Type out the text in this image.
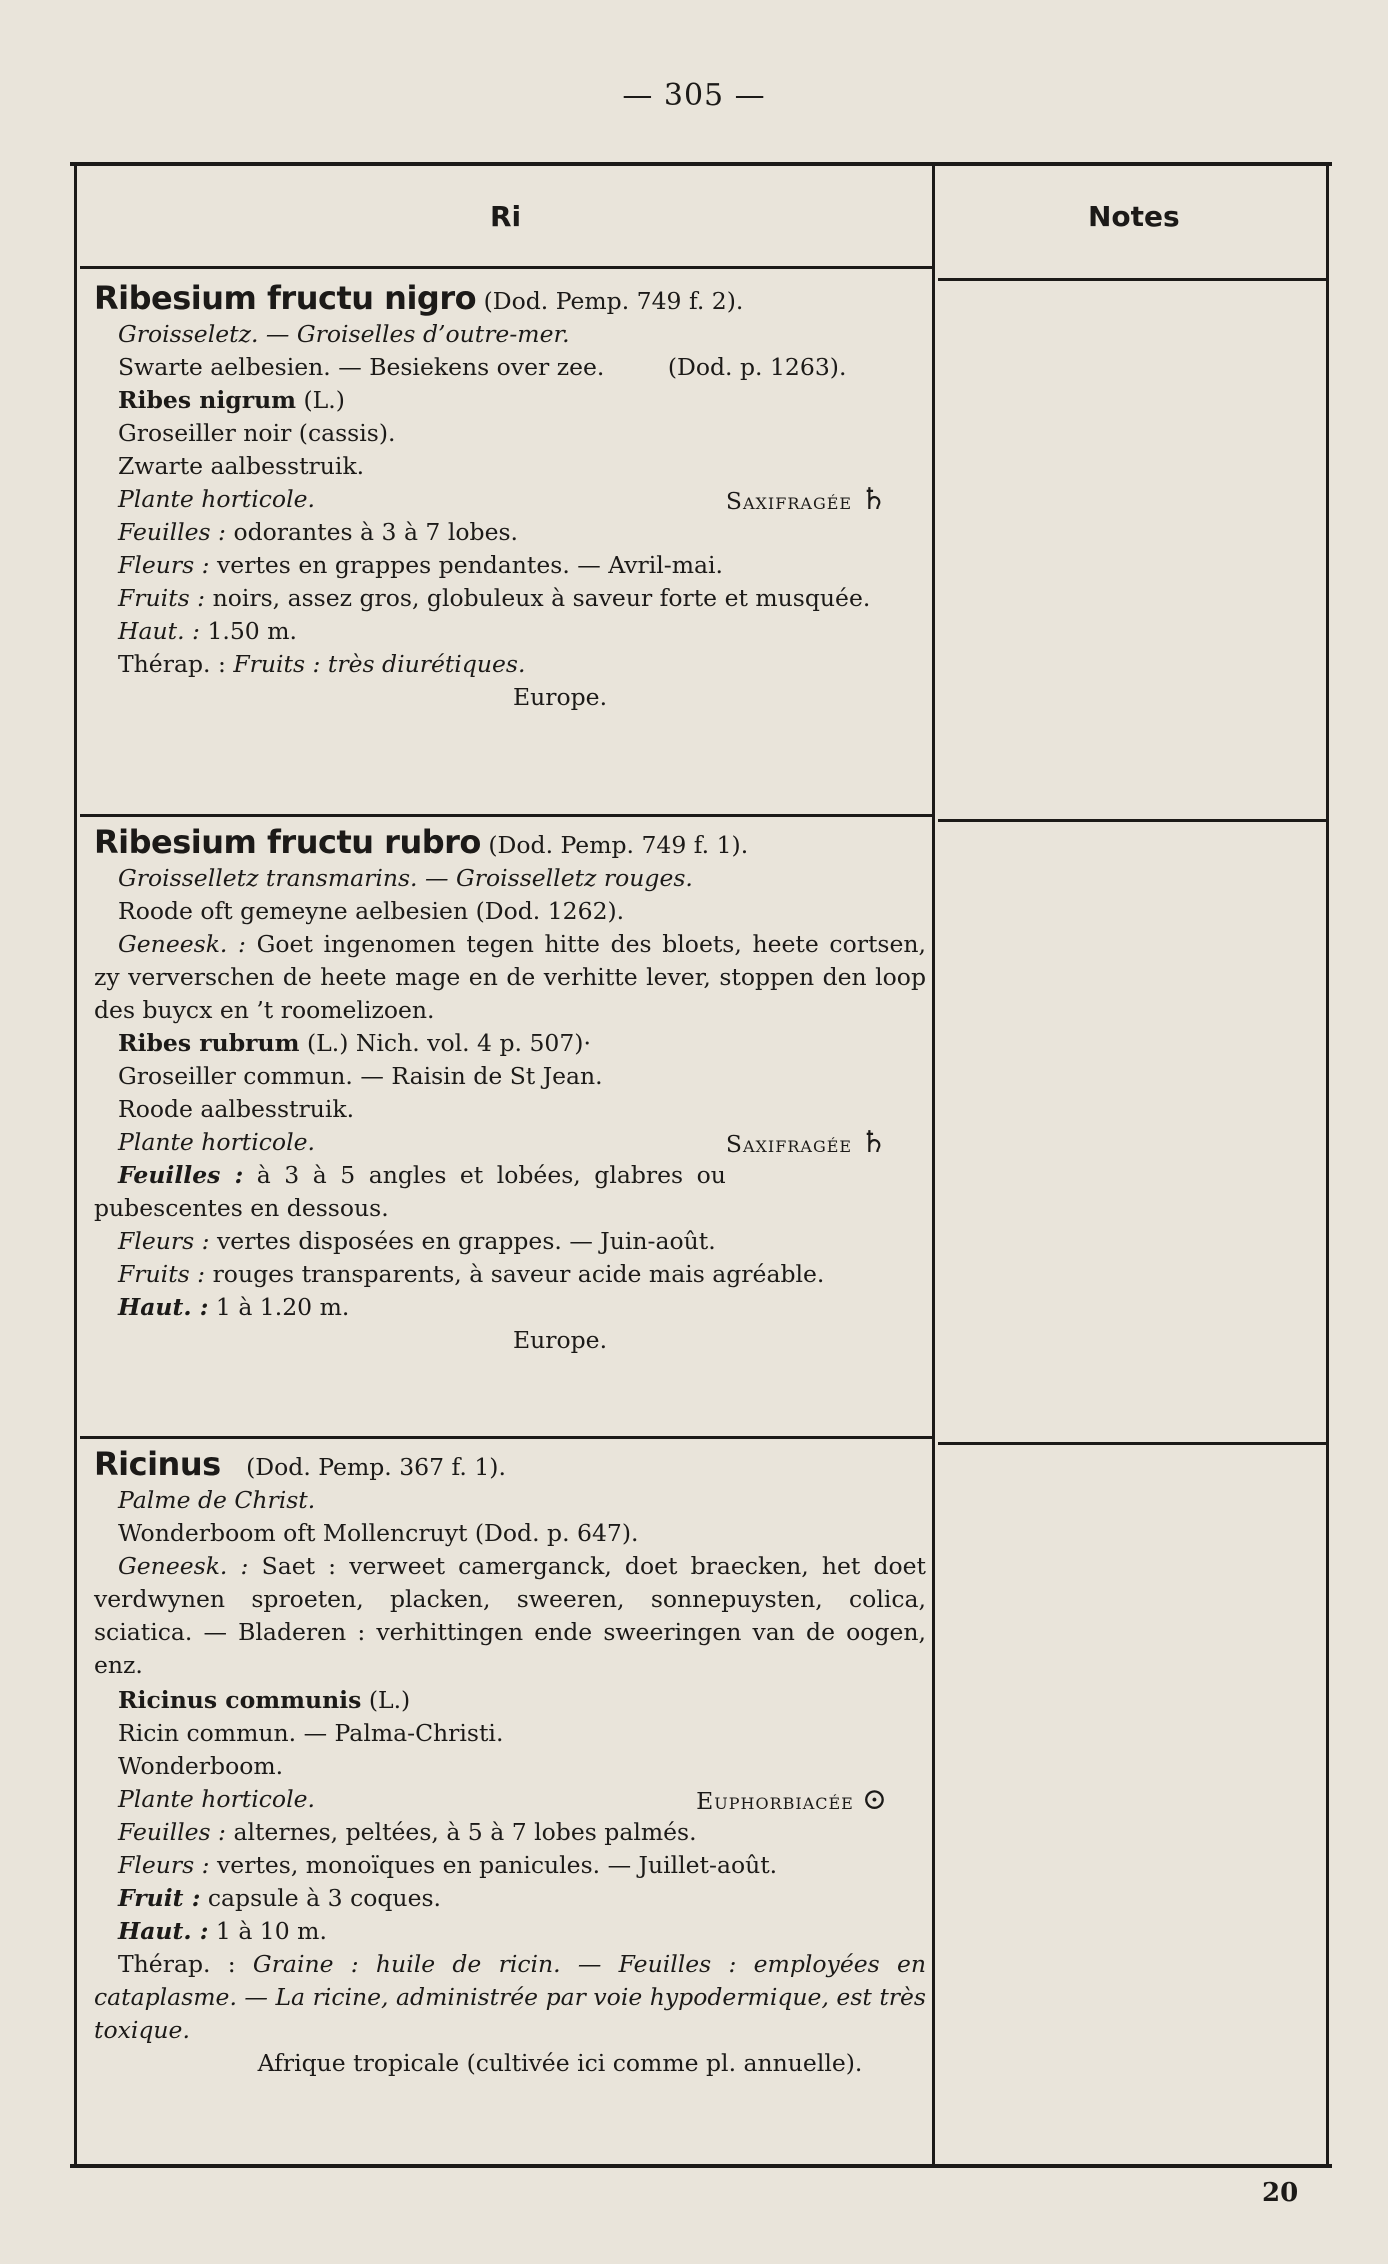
— 305 —
Ri	Notes
Ribesium fructu nigro (Dod. Pemp. 749 f. 2).
Groisseletz. — Groiselles d’outre-mer.
Swarte aelbesien. — Besiekens over zee.	(Dod. p. 1263).
Ribes nigrum (L.)
Groseiller noir (cassis).
Zwarte aalbesstruik.
Plante horticole.	Saxifragée ♄
Feuilles : odorantes à 3 à 7 lobes.
Fleurs : vertes en grappes pendantes. — Avril-mai.
Fruits : noirs, assez gros, globuleux à saveur forte et musquée.
Haut. : 1.50 m.
Thérap. : Fruits : très diurétiques.
Europe.
Ribesium fructu rubro (Dod. Pemp. 749 f. 1).
Groisselletz transmarins. — Groisselletz rouges.
Roode oft gemeyne aelbesien (Dod. 1262).
Geneesk. : Goet ingenomen tegen hitte des bloets, heete cortsen, zy ververschen de heete mage en de verhitte lever, stoppen den loop des buycx en ’t roomelizoen.
Ribes rubrum (L.) Nich. vol. 4 p. 507)·
Groseiller commun. — Raisin de St Jean.
Roode aalbesstruik.
Plante horticole.	Saxifragée ♄
Feuilles : à 3 à 5 angles et lobées, glabres ou pubescentes en dessous.
Fleurs : vertes disposées en grappes. — Juin-août.
Fruits : rouges transparents, à saveur acide mais agréable.
Haut. : 1 à 1.20 m.
Europe.
Ricinus (Dod. Pemp. 367 f. 1).
Palme de Christ.
Wonderboom oft Mollencruyt (Dod. p. 647).
Geneesk. : Saet : verweet camerganck, doet braecken, het doet verdwynen sproeten, placken, sweeren, sonnepuysten, colica, sciatica. — Bladeren : verhittingen ende sweeringen van de oogen, enz.
Ricinus communis (L.)
Ricin commun. — Palma-Christi.
Wonderboom.
Plante horticole.	Euphorbiacée ⊙
Feuilles : alternes, peltées, à 5 à 7 lobes palmés.
Fleurs : vertes, monoïques en panicules. — Juillet-août.
Fruit : capsule à 3 coques.
Haut. : 1 à 10 m.
Thérap. : Graine : huile de ricin. — Feuilles : employées en cataplasme. — La ricine, administrée par voie hypodermique, est très toxique.
Afrique tropicale (cultivée ici comme pl. annuelle).
20
